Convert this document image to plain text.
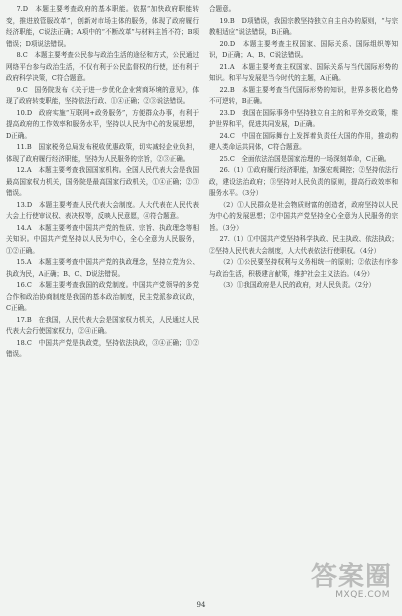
7.D　本题主要考查政府的基本职能。依据“加快政府职能转变，推进放管服改革”，创新对市场主体的服务，体现了政府履行经济职能，C说法正确；A项中的“不断改革”与材料主旨不符；B项错误；D项说法错误。

8.C　本题主要考查公民参与政治生活的途径和方式，公民通过网络平台参与政治生活，不仅有利于公民监督权的行使，还有利于政府科学决策，C符合题意。

9.C　国务院发布《关于进一步优化企业营商环境的意见》，体现了政府转变职能，坚持依法行政、①④正确；②③说法错误。

10.D　政府实施“互联网+政务服务”，方便群众办事，有利于提高政府的工作效率和服务水平，坚持以人民为中心的发展思想，D正确。

11.B　国家税务总局发布税收优惠政策，切实减轻企业负担，体现了政府履行经济职能，坚持为人民服务的宗旨，②③正确。

12.A　本题主要考查我国国家机构。全国人民代表大会是我国最高国家权力机关，国务院是最高国家行政机关，①④正确；②③错误。

13.D　本题主要考查人民代表大会制度。人大代表在人民代表大会上行使审议权、表决权等，反映人民意愿，④符合题意。

14.A　本题主要考查中国共产党的性质、宗旨、执政理念等相关知识。中国共产党坚持以人民为中心，全心全意为人民服务，①②正确。

15.A　本题主要考查中国共产党的执政理念，坚持立党为公、执政为民，A正确；B、C、D说法错误。

16.C　本题主要考查我国的政党制度。中国共产党领导的多党合作和政治协商制度是我国的基本政治制度，民主党派参政议政，C正确。

17.B　在我国，人民代表大会是国家权力机关，人民通过人民代表大会行使国家权力，②④正确。

18.C　中国共产党是执政党，坚持依法执政，③④正确；①②错误。

合题意。

19.B　D项错误，我国宗教坚持独立自主自办的原则，“与宗教相适应”说法错误，B正确。

20.D　本题主要考查主权国家、国际关系、国际组织等知识，D正确；A、B、C说法错误。

21.A　本题主要考查主权国家、国际关系与当代国际形势的知识。和平与发展是当今时代的主题，A正确。

22.B　本题主要考查当代国际形势的知识，世界多极化趋势不可逆转，B正确。

23.D　我国在国际事务中坚持独立自主的和平外交政策，维护世界和平，促进共同发展，D正确。

24.C　中国在国际舞台上发挥着负责任大国的作用，推动构建人类命运共同体，C符合题意。

25.C　全面依法治国是国家治理的一场深刻革命，C正确。

26.（1）①政府履行经济职能，加强宏观调控；②坚持依法行政，建设法治政府；③坚持对人民负责的原则，提高行政效率和服务水平。（3分）

（2）①人民群众是社会物质财富的创造者，政府坚持以人民为中心的发展思想；②中国共产党坚持全心全意为人民服务的宗旨。（3分）

27.（1）①中国共产党坚持科学执政、民主执政、依法执政；②坚持人民代表大会制度，人大代表依法行使职权。（4分）

（2）①公民要坚持权利与义务相统一的原则；②依法有序参与政治生活，积极建言献策，维护社会主义法治。（4分）

（3）①我国政府是人民的政府，对人民负责。（2分）

94
答案圈
MXQE.COM
